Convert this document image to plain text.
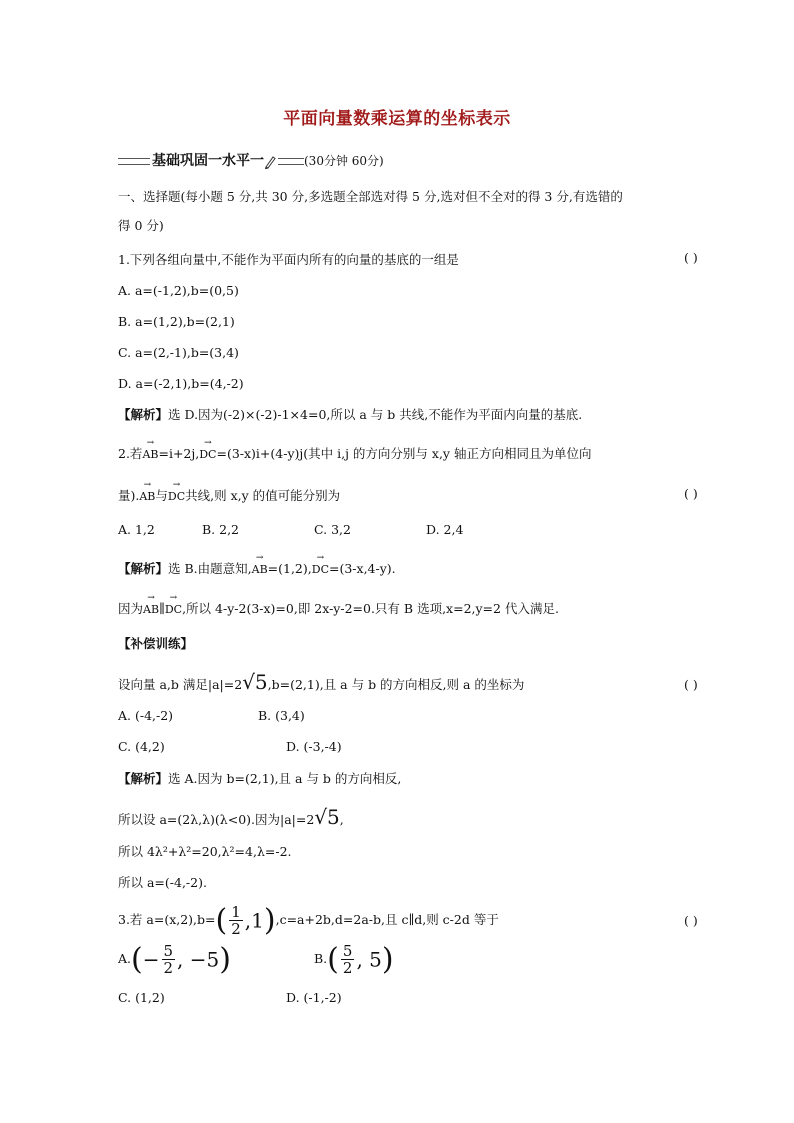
平面向量数乘运算的坐标表示
基础巩固一水平一	(30分钟 60分)
一、选择题(每小题 5 分,共 30 分,多选题全部选对得 5 分,选对但不全对的得 3 分,有选错的
得 0 分)
1.下列各组向量中,不能作为平面内所有的向量的基底的一组是	( )
A. a=(-1,2),b=(0,5)
B. a=(1,2),b=(2,1)
C. a=(2,-1),b=(3,4)
D. a=(-2,1),b=(4,-2)
【解析】选 D.因为(-2)×(-2)-1×4=0,所以 a 与 b 共线,不能作为平面内向量的基底.
2.若→ AB=i+2j,→ DC=(3-x)i+(4-y)j(其中 i,j 的方向分别与 x,y 轴正方向相同且为单位向
量).→ AB与→ DC共线,则 x,y 的值可能分别为	( )
A. 1,2	B. 2,2	C. 3,2	D. 2,4
【解析】选 B.由题意知,→ AB=(1,2),→ DC=(3-x,4-y).
因为→ AB∥→ DC,所以 4-y-2(3-x)=0,即 2x-y-2=0.只有 B 选项,x=2,y=2 代入满足.
【补偿训练】
设向量 a,b 满足|a|=2√5,b=(2,1),且 a 与 b 的方向相反,则 a 的坐标为	( )
A. (-4,-2)	B. (3,4)
C. (4,2)	D. (-3,-4)
【解析】选 A.因为 b=(2,1),且 a 与 b 的方向相反,
所以设 a=(2λ,λ)(λ<0).因为|a|=2√5,
所以 4λ²+λ²=20,λ²=4,λ=-2.
所以 a=(-4,-2).
3.若 $a=(x,2),b=( \frac{1}{2} ,1),c=a+2b,d=2a-b$,且 c∥d,则 c-2d 等于	( )
$A.(- \frac{5}{2}$ , −5)	$B.( \frac{5}{2}$ , 5)
C. (1,2)	D. (-1,-2)
